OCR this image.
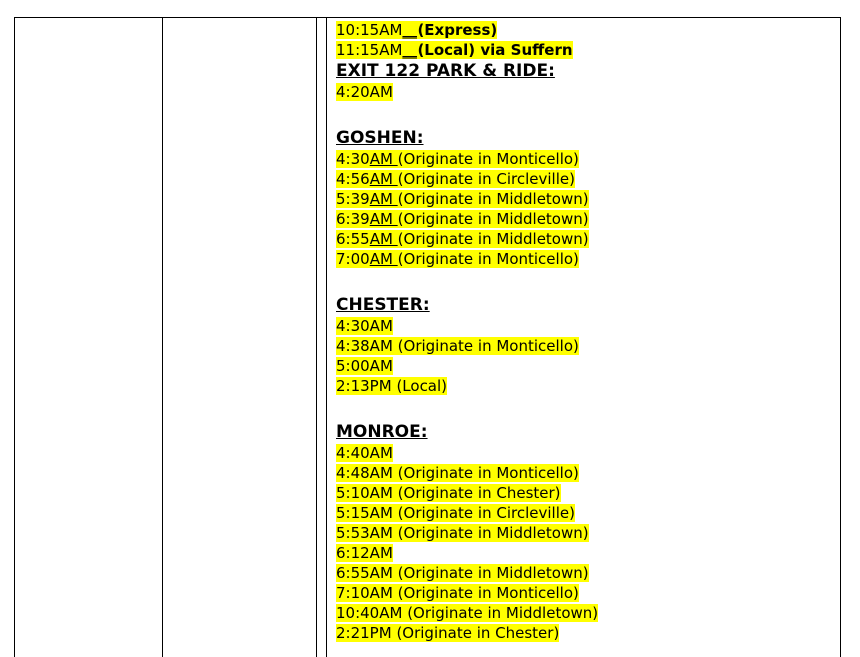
10:15AM__(Express)
11:15AM__(Local) via Suffern
EXIT 122 PARK & RIDE:
4:20AM
GOSHEN:
4:30AM (Originate in Monticello)
4:56AM (Originate in Circleville)
5:39AM (Originate in Middletown)
6:39AM (Originate in Middletown)
6:55AM (Originate in Middletown)
7:00AM (Originate in Monticello)
CHESTER:
4:30AM
4:38AM (Originate in Monticello)
5:00AM
2:13PM (Local)
MONROE:
4:40AM
4:48AM (Originate in Monticello)
5:10AM (Originate in Chester)
5:15AM (Originate in Circleville)
5:53AM (Originate in Middletown)
6:12AM
6:55AM (Originate in Middletown)
7:10AM (Originate in Monticello)
10:40AM (Originate in Middletown)
2:21PM (Originate in Chester)
